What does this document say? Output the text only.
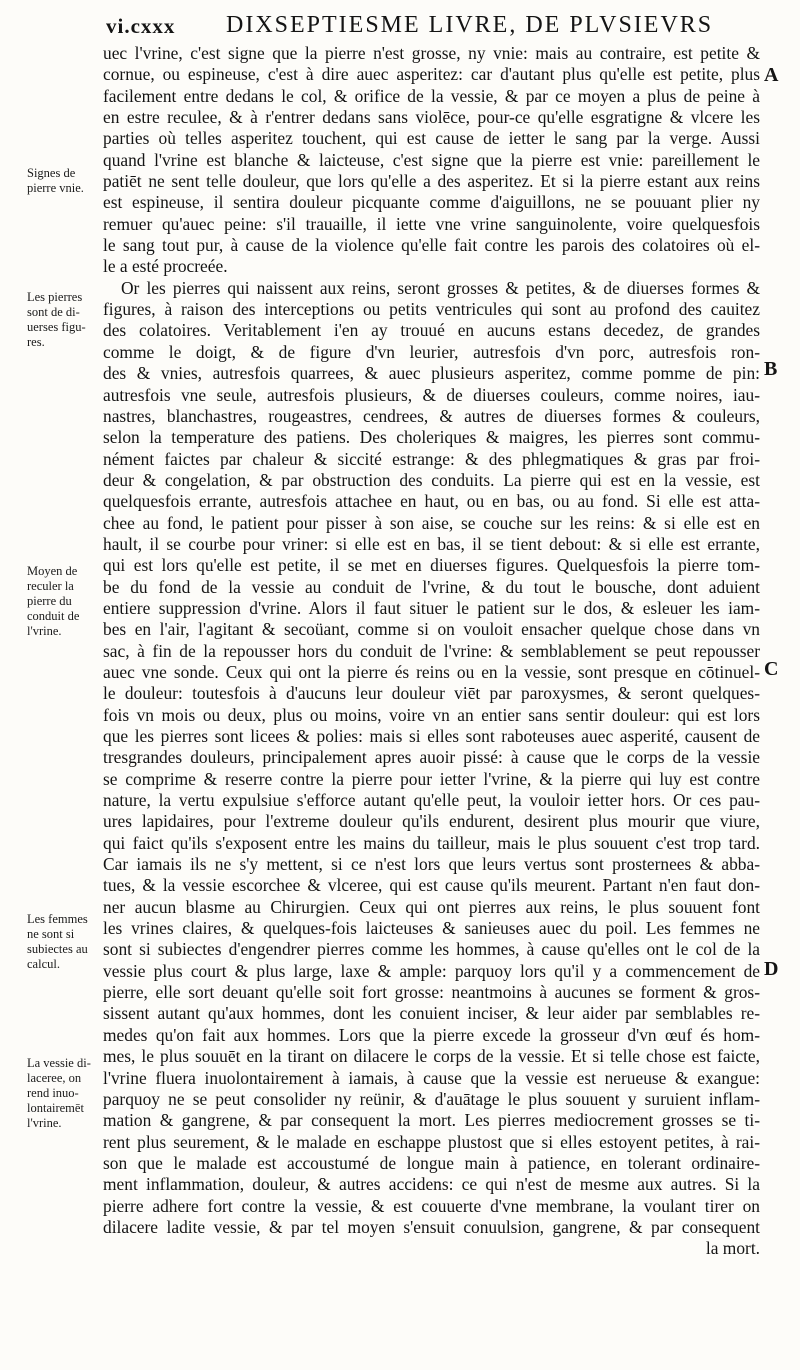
vi.cxxx DIXSEPTIESME LIVRE, DE PLVSIEVRS
uec l'vrine, c'est signe que la pierre n'est grosse, ny vnie: mais au contraire, est petite &
cornue, ou espineuse, c'est à dire auec asperitez: car d'autant plus qu'elle est petite, plus
facilement entre dedans le col, & orifice de la vessie, & par ce moyen a plus de peine à
en estre reculee, & à r'entrer dedans sans violēce, pour-ce qu'elle esgratigne & vlcere les
parties où telles asperitez touchent, qui est cause de ietter le sang par la verge. Aussi
quand l'vrine est blanche & laicteuse, c'est signe que la pierre est vnie: pareillement le
patiēt ne sent telle douleur, que lors qu'elle a des asperitez. Et si la pierre estant aux reins
est espineuse, il sentira douleur picquante comme d'aiguillons, ne se pouuant plier ny
remuer qu'auec peine: s'il trauaille, il iette vne vrine sanguinolente, voire quelquesfois
le sang tout pur, à cause de la violence qu'elle fait contre les parois des colatoires où el-
le a esté procreée.
Or les pierres qui naissent aux reins, seront grosses & petites, & de diuerses formes &
figures, à raison des interceptions ou petits ventricules qui sont au profond des cauitez
des colatoires. Veritablement i'en ay trouué en aucuns estans decedez, de grandes
comme le doigt, & de figure d'vn leurier, autresfois d'vn porc, autresfois ron-
des & vnies, autresfois quarrees, & auec plusieurs asperitez, comme pomme de pin:
autresfois vne seule, autresfois plusieurs, & de diuerses couleurs, comme noires, iau-
nastres, blanchastres, rougeastres, cendrees, & autres de diuerses formes & couleurs,
selon la temperature des patiens. Des choleriques & maigres, les pierres sont commu-
nément faictes par chaleur & siccité estrange: & des phlegmatiques & gras par froi-
deur & congelation, & par obstruction des conduits. La pierre qui est en la vessie, est
quelquesfois errante, autresfois attachee en haut, ou en bas, ou au fond. Si elle est atta-
chee au fond, le patient pour pisser à son aise, se couche sur les reins: & si elle est en
hault, il se courbe pour vriner: si elle est en bas, il se tient debout: & si elle est errante,
qui est lors qu'elle est petite, il se met en diuerses figures. Quelquesfois la pierre tom-
be du fond de la vessie au conduit de l'vrine, & du tout le bousche, dont aduient
entiere suppression d'vrine. Alors il faut situer le patient sur le dos, & esleuer les iam-
bes en l'air, l'agitant & secoüant, comme si on vouloit ensacher quelque chose dans vn
sac, à fin de la repousser hors du conduit de l'vrine: & semblablement se peut repousser
auec vne sonde. Ceux qui ont la pierre és reins ou en la vessie, sont presque en cōtinuel-
le douleur: toutesfois à d'aucuns leur douleur viēt par paroxysmes, & seront quelques-
fois vn mois ou deux, plus ou moins, voire vn an entier sans sentir douleur: qui est lors
que les pierres sont licees & polies: mais si elles sont raboteuses auec asperité, causent de
tresgrandes douleurs, principalement apres auoir pissé: à cause que le corps de la vessie
se comprime & reserre contre la pierre pour ietter l'vrine, & la pierre qui luy est contre
nature, la vertu expulsiue s'efforce autant qu'elle peut, la vouloir ietter hors. Or ces pau-
ures lapidaires, pour l'extreme douleur qu'ils endurent, desirent plus mourir que viure,
qui faict qu'ils s'exposent entre les mains du tailleur, mais le plus souuent c'est trop tard.
Car iamais ils ne s'y mettent, si ce n'est lors que leurs vertus sont prosternees & abba-
tues, & la vessie escorchee & vlceree, qui est cause qu'ils meurent. Partant n'en faut don-
ner aucun blasme au Chirurgien. Ceux qui ont pierres aux reins, le plus souuent font
les vrines claires, & quelques-fois laicteuses & sanieuses auec du poil. Les femmes ne
sont si subiectes d'engendrer pierres comme les hommes, à cause qu'elles ont le col de la
vessie plus court & plus large, laxe & ample: parquoy lors qu'il y a commencement de
pierre, elle sort deuant qu'elle soit fort grosse: neantmoins à aucunes se forment & gros-
sissent autant qu'aux hommes, dont les conuient inciser, & leur aider par semblables re-
medes qu'on fait aux hommes. Lors que la pierre excede la grosseur d'vn œuf és hom-
mes, le plus souuēt en la tirant on dilacere le corps de la vessie. Et si telle chose est faicte,
l'vrine fluera inuolontairement à iamais, à cause que la vessie est nerueuse & exangue:
parquoy ne se peut consolider ny reünir, & d'auātage le plus souuent y suruient inflam-
mation & gangrene, & par consequent la mort. Les pierres mediocrement grosses se ti-
rent plus seurement, & le malade en eschappe plustost que si elles estoyent petites, à rai-
son que le malade est accoustumé de longue main à patience, en tolerant ordinaire-
ment inflammation, douleur, & autres accidens: ce qui n'est de mesme aux autres. Si la
pierre adhere fort contre la vessie, & est couuerte d'vne membrane, la voulant tirer on
dilacere ladite vessie, & par tel moyen s'ensuit conuulsion, gangrene, & par consequent
la mort.
Signes de
pierre vnie.
Les pierres
sont de di-
uerses figu-
res.
Moyen de
reculer la
pierre du
conduit de
l'vrine.
Les femmes
ne sont si
subiectes au
calcul.
La vessie di-
laceree, on
rend inuo-
lontairemēt
l'vrine.
A
B
C
D
